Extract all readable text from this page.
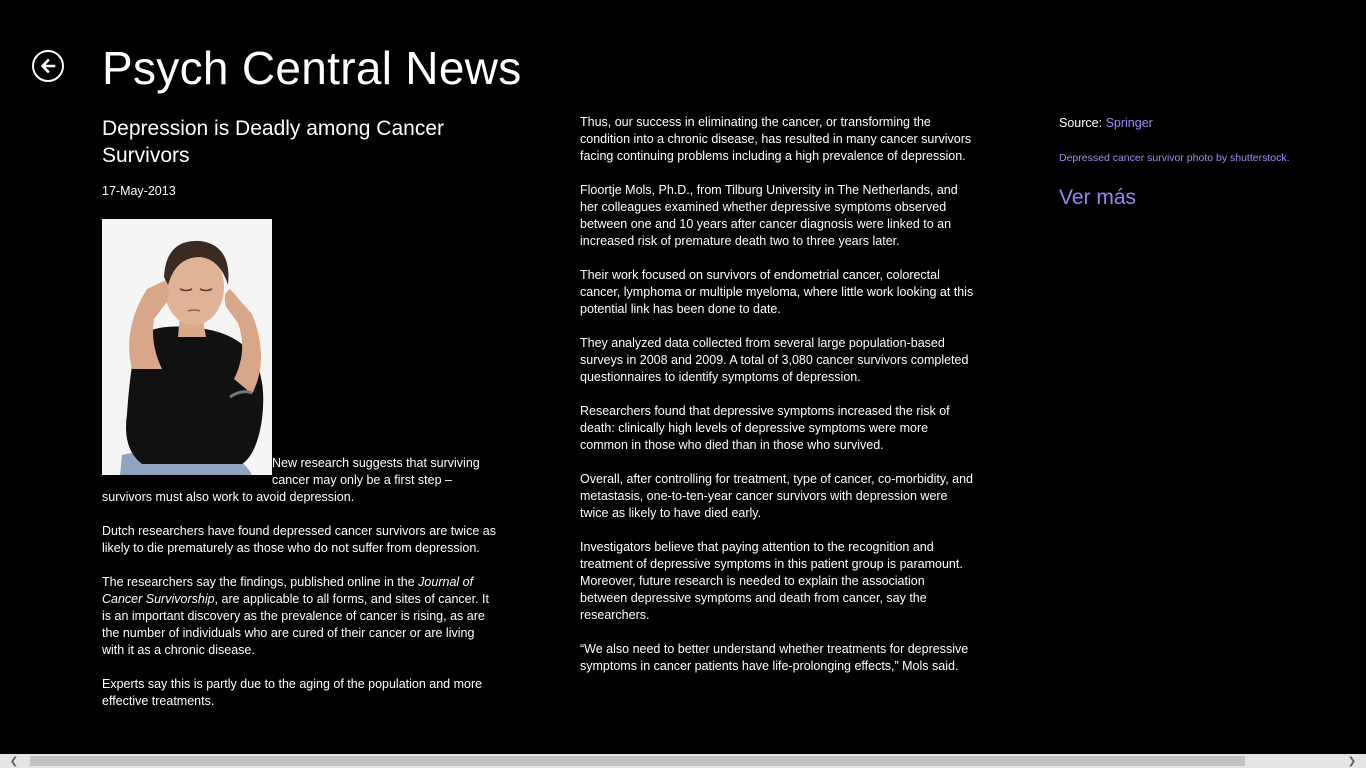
Psych Central News
Depression is Deadly among Cancer Survivors
17-May-2013

New research suggests that surviving cancer may only be a first step – survivors must also work to avoid depression.

Dutch researchers have found depressed cancer survivors are twice as likely to die prematurely as those who do not suffer from depression.

The researchers say the findings, published online in the Journal of Cancer Survivorship, are applicable to all forms, and sites of cancer. It is an important discovery as the prevalence of cancer is rising, as are the number of individuals who are cured of their cancer or are living with it as a chronic disease.

Experts say this is partly due to the aging of the population and more effective treatments.

Thus, our success in eliminating the cancer, or transforming the condition into a chronic disease, has resulted in many cancer survivors facing continuing problems including a high prevalence of depression.

Floortje Mols, Ph.D., from Tilburg University in The Netherlands, and her colleagues examined whether depressive symptoms observed between one and 10 years after cancer diagnosis were linked to an increased risk of premature death two to three years later.

Their work focused on survivors of endometrial cancer, colorectal cancer, lymphoma or multiple myeloma, where little work looking at this potential link has been done to date.

They analyzed data collected from several large population-based surveys in 2008 and 2009. A total of 3,080 cancer survivors completed questionnaires to identify symptoms of depression.

Researchers found that depressive symptoms increased the risk of death: clinically high levels of depressive symptoms were more common in those who died than in those who survived.

Overall, after controlling for treatment, type of cancer, co-morbidity, and metastasis, one-to-ten-year cancer survivors with depression were twice as likely to have died early.

Investigators believe that paying attention to the recognition and treatment of depressive symptoms in this patient group is paramount. Moreover, future research is needed to explain the association between depressive symptoms and death from cancer, say the researchers.

“We also need to better understand whether treatments for depressive symptoms in cancer patients have life-prolonging effects,” Mols said.

Source: Springer
Depressed cancer survivor photo by shutterstock.
Ver más
❮	❯
